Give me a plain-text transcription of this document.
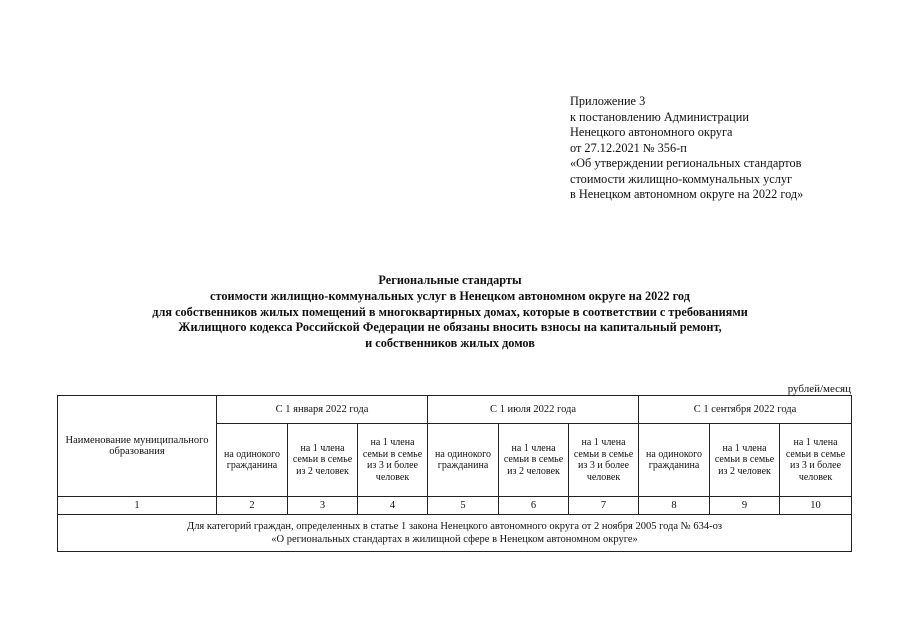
Приложение 3
к постановлению Администрации
Ненецкого автономного округа
от 27.12.2021 № 356-п
«Об утверждении региональных стандартов
стоимости жилищно-коммунальных услуг
в Ненецком автономном округе на 2022 год»
Региональные стандарты
стоимости жилищно-коммунальных услуг в Ненецком автономном округе на 2022 год
для собственников жилых помещений в многоквартирных домах, которые в соответствии с требованиями
Жилищного кодекса Российской Федерации не обязаны вносить взносы на капитальный ремонт,
и собственников жилых домов
рублей/месяц
Наименование муниципального образования	С 1 января 2022 года			С 1 июля 2022 года			С 1 сентября 2022 года		
	на одинокого гражданина	на 1 члена семьи в семье из 2 человек	на 1 члена семьи в семье из 3 и более человек	на одинокого гражданина	на 1 члена семьи в семье из 2 человек	на 1 члена семьи в семье из 3 и более человек	на одинокого гражданина	на 1 члена семьи в семье из 2 человек	на 1 члена семьи в семье из 3 и более человек
1	2	3	4	5	6	7	8	9	10

Для категорий граждан, определенных в статье 1 закона Ненецкого автономного округа от 2 ноября 2005 года № 634-оз
«О региональных стандартах в жилищной сфере в Ненецком автономном округе»									
